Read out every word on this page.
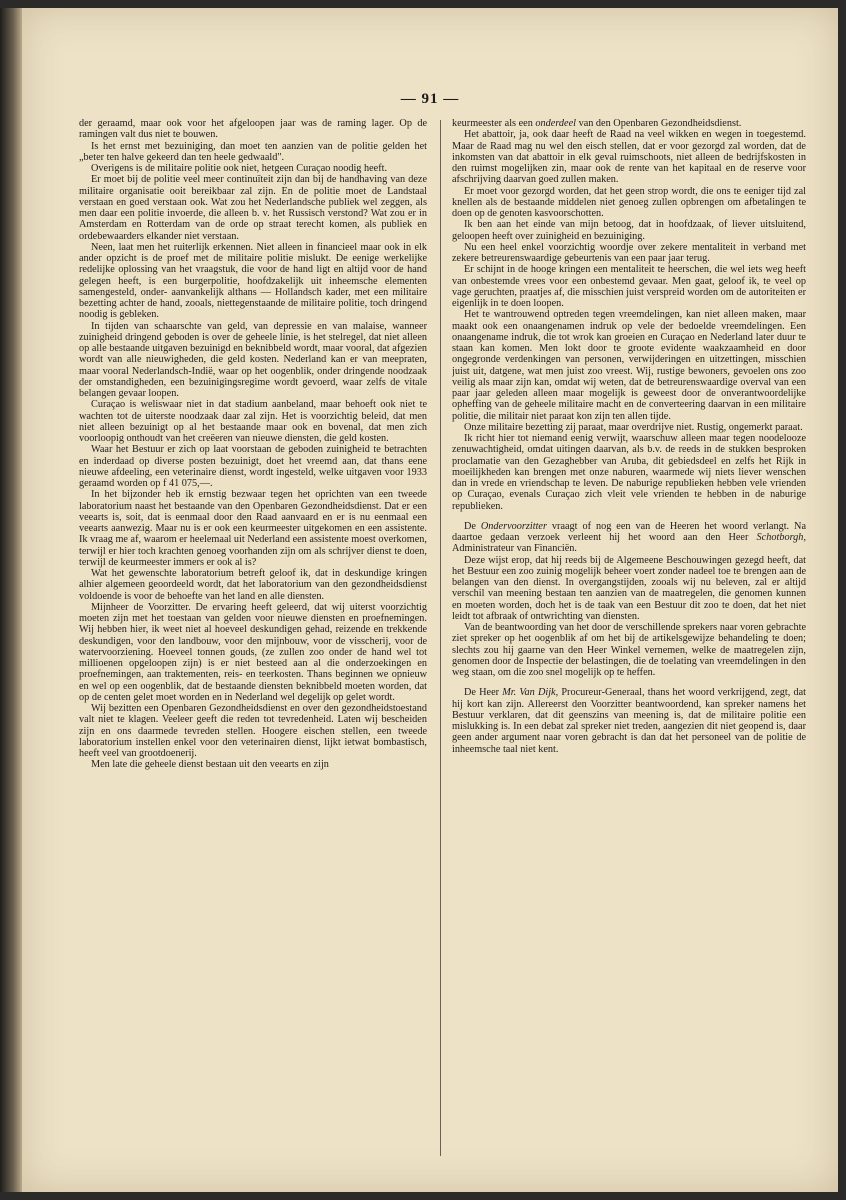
— 91 —

der geraamd, maar ook voor het afgeloopen jaar was de raming lager. Op de ramingen valt dus niet te bouwen.

Is het ernst met bezuiniging, dan moet ten aanzien van de politie gelden het „beter ten halve gekeerd dan ten heele gedwaald".

Overigens is de militaire politie ook niet, hetgeen Curaçao noodig heeft.

Er moet bij de politie veel meer continuïteit zijn dan bij de handhaving van deze militaire organisatie ooit bereikbaar zal zijn. En de politie moet de Landstaal verstaan en goed verstaan ook. Wat zou het Nederlandsche publiek wel zeggen, als men daar een politie invoerde, die alleen b. v. het Russisch verstond? Wat zou er in Amsterdam en Rotterdam van de orde op straat terecht komen, als publiek en ordebewaarders elkander niet verstaan.

Neen, laat men het ruiterlijk erkennen. Niet alleen in financieel maar ook in elk ander opzicht is de proef met de militaire politie mislukt. De eenige werkelijke redelijke oplossing van het vraagstuk, die voor de hand ligt en altijd voor de hand gelegen heeft, is een burgerpolitie, hoofdzakelijk uit inheemsche elementen samengesteld, onder- aanvankelijk althans — Hollandsch kader, met een militaire bezetting achter de hand, zooals, niettegenstaande de militaire politie, toch dringend noodig is gebleken.

In tijden van schaarschte van geld, van depressie en van malaise, wanneer zuinigheid dringend geboden is over de geheele linie, is het stelregel, dat niet alleen op alle bestaande uitgaven bezuinigd en beknibbeld wordt, maar vooral, dat afgezien wordt van alle nieuwigheden, die geld kosten. Nederland kan er van meepraten, maar vooral Nederlandsch-Indië, waar op het oogenblik, onder dringende noodzaak der omstandigheden, een bezuinigingsregime wordt gevoerd, waar zelfs de vitale belangen gevaar loopen.

Curaçao is weliswaar niet in dat stadium aanbeland, maar behoeft ook niet te wachten tot de uiterste noodzaak daar zal zijn. Het is voorzichtig beleid, dat men niet alleen bezuinigt op al het bestaande maar ook en bovenal, dat men zich voorloopig onthoudt van het creëeren van nieuwe diensten, die geld kosten.

Waar het Bestuur er zich op laat voorstaan de geboden zuinigheid te betrachten en inderdaad op diverse posten bezuinigt, doet het vreemd aan, dat thans eene nieuwe afdeeling, een veterinaire dienst, wordt ingesteld, welke uitgaven voor 1933 geraamd worden op f 41 075,—.

In het bijzonder heb ik ernstig bezwaar tegen het oprichten van een tweede laboratorium naast het bestaande van den Openbaren Gezondheidsdienst. Dat er een veearts is, soit, dat is eenmaal door den Raad aanvaard en er is nu eenmaal een veearts aanwezig. Maar nu is er ook een keurmeester uitgekomen en een assistente. Ik vraag me af, waarom er heelemaal uit Nederland een assistente moest overkomen, terwijl er hier toch krachten genoeg voorhanden zijn om als schrijver dienst te doen, terwijl de keurmeester immers er ook al is?

Wat het gewenschte laboratorium betreft geloof ik, dat in deskundige kringen alhier algemeen geoordeeld wordt, dat het laboratorium van den gezondheidsdienst voldoende is voor de behoefte van het land en alle diensten.

Mijnheer de Voorzitter. De ervaring heeft geleerd, dat wij uiterst voorzichtig moeten zijn met het toestaan van gelden voor nieuwe diensten en proefnemingen. Wij hebben hier, ik weet niet al hoeveel deskundigen gehad, reizende en trekkende deskundigen, voor den landbouw, voor den mijnbouw, voor de visscherij, voor de watervoorziening. Hoeveel tonnen gouds, (ze zullen zoo onder de hand wel tot millioenen opgeloopen zijn) is er niet besteed aan al die onderzoekingen en proefnemingen, aan traktementen, reis- en teerkosten. Thans beginnen we opnieuw en wel op een oogenblik, dat de bestaande diensten beknibbeld moeten worden, dat op de centen gelet moet worden en in Nederland wel degelijk op gelet wordt.

Wij bezitten een Openbaren Gezondheidsdienst en over den gezondheidstoestand valt niet te klagen. Veeleer geeft die reden tot tevredenheid. Laten wij bescheiden zijn en ons daarmede tevreden stellen. Hoogere eischen stellen, een tweede laboratorium instellen enkel voor den veterinairen dienst, lijkt ietwat bombastisch, heeft veel van grootdoenerij.

Men late die geheele dienst bestaan uit den veearts en zijn

keurmeester als een onderdeel van den Openbaren Gezondheidsdienst.

Het abattoir, ja, ook daar heeft de Raad na veel wikken en wegen in toegestemd. Maar de Raad mag nu wel den eisch stellen, dat er voor gezorgd zal worden, dat de inkomsten van dat abattoir in elk geval ruimschoots, niet alleen de bedrijfskosten in den ruimst mogelijken zin, maar ook de rente van het kapitaal en de reserve voor afschrijving daarvan goed zullen maken.

Er moet voor gezorgd worden, dat het geen strop wordt, die ons te eeniger tijd zal knellen als de bestaande middelen niet genoeg zullen opbrengen om afbetalingen te doen op de genoten kasvoorschotten.

Ik ben aan het einde van mijn betoog, dat in hoofdzaak, of liever uitsluitend, geloopen heeft over zuinigheid en bezuiniging.

Nu een heel enkel voorzichtig woordje over zekere mentaliteit in verband met zekere betreurenswaardige gebeurtenis van een paar jaar terug.

Er schijnt in de hooge kringen een mentaliteit te heerschen, die wel iets weg heeft van onbestemde vrees voor een onbestemd gevaar. Men gaat, geloof ik, te veel op vage geruchten, praatjes af, die misschien juist verspreid worden om de autoriteiten er eigenlijk in te doen loopen.

Het te wantrouwend optreden tegen vreemdelingen, kan niet alleen maken, maar maakt ook een onaangenamen indruk op vele der bedoelde vreemdelingen. Een onaangename indruk, die tot wrok kan groeien en Curaçao en Nederland later duur te staan kan komen. Men lokt door te groote evidente waakzaamheid en door ongegronde verdenkingen van personen, verwijderingen en uitzettingen, misschien juist uit, datgene, wat men juist zoo vreest. Wij, rustige bewoners, gevoelen ons zoo veilig als maar zijn kan, omdat wij weten, dat de betreurenswaardige overval van een paar jaar geleden alleen maar mogelijk is geweest door de onverantwoordelijke opheffing van de geheele militaire macht en de converteering daarvan in een militaire politie, die militair niet paraat kon zijn ten allen tijde.

Onze militaire bezetting zij paraat, maar overdrijve niet. Rustig, ongemerkt paraat.

Ik richt hier tot niemand eenig verwijt, waarschuw alleen maar tegen noodelooze zenuwachtigheid, omdat uitingen daarvan, als b.v. de reeds in de stukken besproken proclamatie van den Gezaghebber van Aruba, dit gebiedsdeel en zelfs het Rijk in moeilijkheden kan brengen met onze naburen, waarmede wij niets liever wenschen dan in vrede en vriendschap te leven. De naburige republieken hebben vele vrienden op Curaçao, evenals Curaçao zich vleit vele vrienden te hebben in de naburige republieken.

De Ondervoorzitter vraagt of nog een van de Heeren het woord verlangt. Na daartoe gedaan verzoek verleent hij het woord aan den Heer Schotborgh, Administrateur van Financiën.

Deze wijst erop, dat hij reeds bij de Algemeene Beschouwingen gezegd heeft, dat het Bestuur een zoo zuinig mogelijk beheer voert zonder nadeel toe te brengen aan de belangen van den dienst. In overgangstijden, zooals wij nu beleven, zal er altijd verschil van meening bestaan ten aanzien van de maatregelen, die genomen kunnen en moeten worden, doch het is de taak van een Bestuur dit zoo te doen, dat het niet leidt tot afbraak of ontwrichting van diensten.

Van de beantwoording van het door de verschillende sprekers naar voren gebrachte ziet spreker op het oogenblik af om het bij de artikelsgewijze behandeling te doen; slechts zou hij gaarne van den Heer Winkel vernemen, welke de maatregelen zijn, genomen door de Inspectie der belastingen, die de toelating van vreemdelingen in den weg staan, om die zoo snel mogelijk op te heffen.

De Heer Mr. Van Dijk, Procureur-Generaal, thans het woord verkrijgend, zegt, dat hij kort kan zijn. Allereerst den Voorzitter beantwoordend, kan spreker namens het Bestuur verklaren, dat dit geenszins van meening is, dat de militaire politie een mislukking is. In een debat zal spreker niet treden, aangezien dit niet geopend is, daar geen ander argument naar voren gebracht is dan dat het personeel van de politie de inheemsche taal niet kent.
